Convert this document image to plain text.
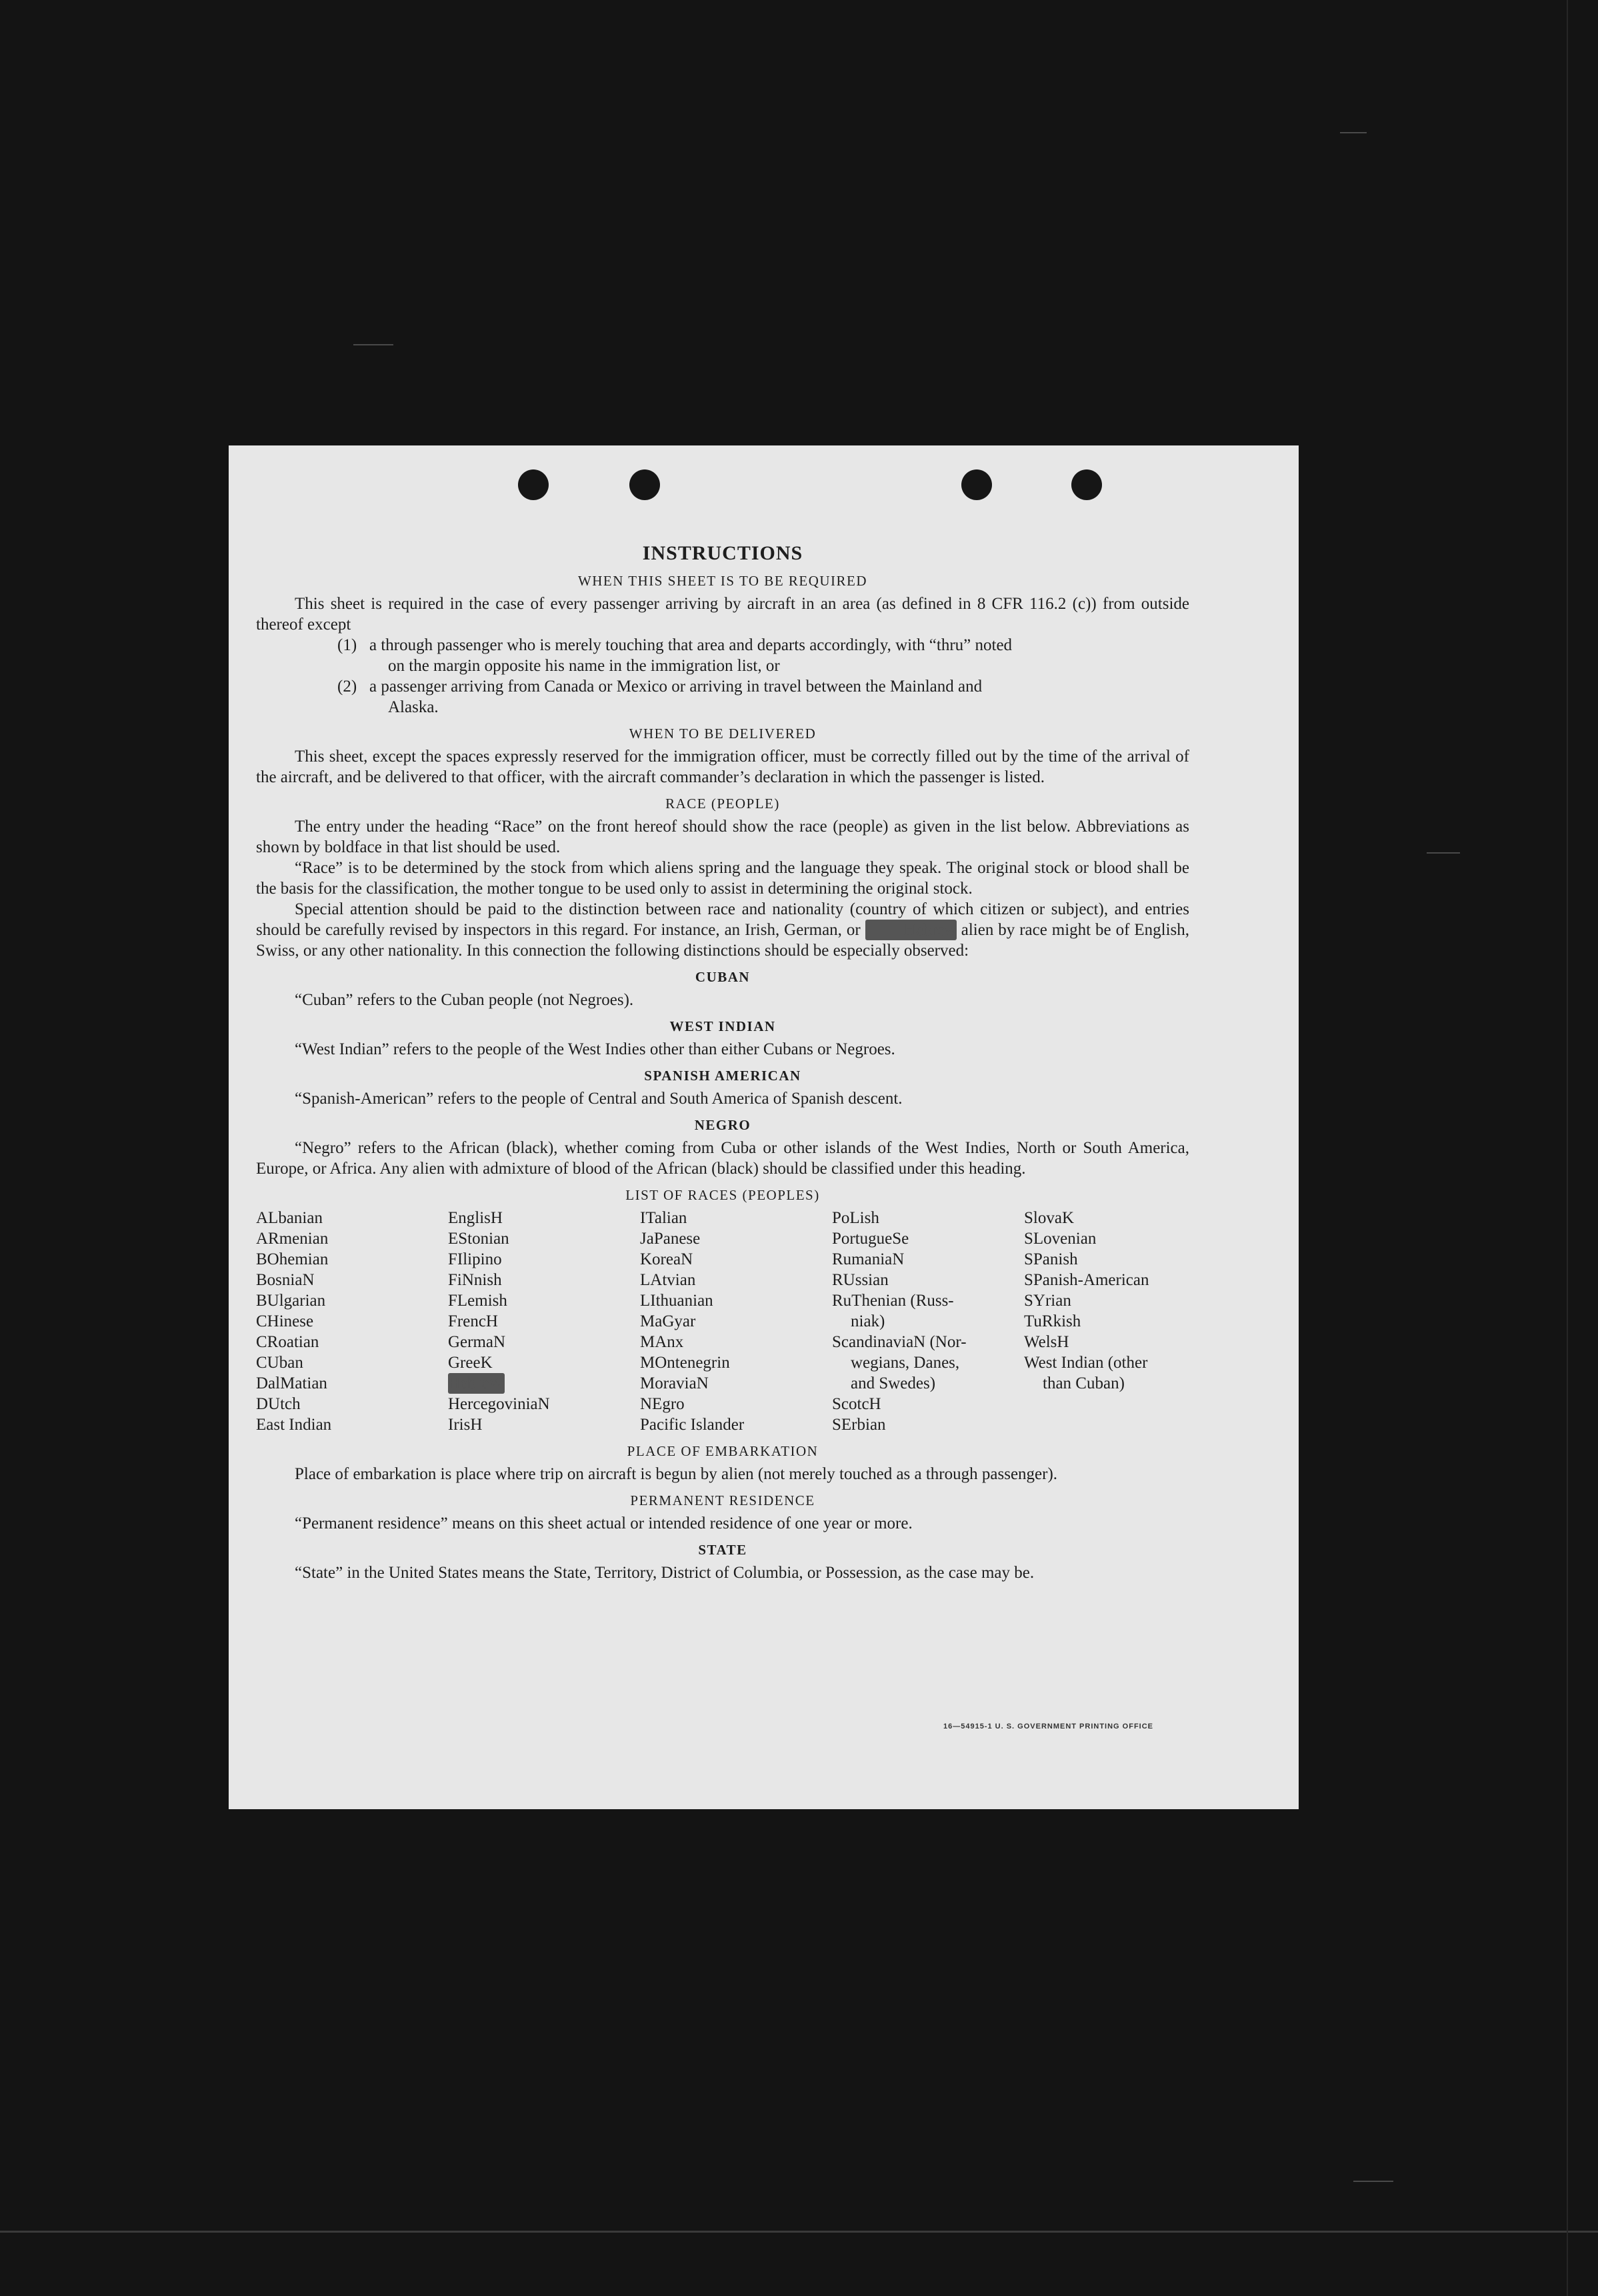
INSTRUCTIONS
WHEN THIS SHEET IS TO BE REQUIRED

This sheet is required in the case of every passenger arriving by aircraft in an area (as defined in 8 CFR 116.2 (c)) from outside thereof except

(1) a through passenger who is merely touching that area and departs accordingly, with “thru” noted
on the margin opposite his name in the immigration list, or
(2) a passenger arriving from Canada or Mexico or arriving in travel between the Mainland and
Alaska.
WHEN TO BE DELIVERED

This sheet, except the spaces expressly reserved for the immigration officer, must be correctly filled out by the time of the arrival of the aircraft, and be delivered to that officer, with the aircraft commander’s declaration in which the passenger is listed.

RACE (PEOPLE)

The entry under the heading “Race” on the front hereof should show the race (people) as given in the list below. Abbreviations as shown by boldface in that list should be used.

“Race” is to be determined by the stock from which aliens spring and the language they speak. The original stock or blood shall be the basis for the classification, the mother tongue to be used only to assist in determining the original stock.

Special attention should be paid to the distinction between race and nationality (country of which citizen or subject), and entries should be carefully revised by inspectors in this regard. For instance, an Irish, German, or	Hebrew alien by race might be of English, Swiss, or any other nationality. In this connection the following distinctions should be especially observed:

CUBAN

“Cuban” refers to the Cuban people (not Negroes).

WEST INDIAN

“West Indian” refers to the people of the West Indies other than either Cubans or Negroes.

SPANISH AMERICAN

“Spanish-American” refers to the people of Central and South America of Spanish descent.

NEGRO

“Negro” refers to the African (black), whether coming from Cuba or other islands of the West Indies, North or South America, Europe, or Africa. Any alien with admixture of blood of the African (black) should be classified under this heading.

LIST OF RACES (PEOPLES)
ALbanian
ARmenian
BOhemian
BosniaN
BUlgarian
CHinese
CRoatian
CUban
DalMatian
DUtch
East Indian
EnglisH
EStonian
FIlipino
FiNnish
FLemish
FrencH
GermaN
GreeK
HebreW
HercegoviniaN
IrisH
ITalian
JaPanese
KoreaN
LAtvian
LIthuanian
MaGyar
MAnx
MOntenegrin
MoraviaN
NEgro
Pacific Islander
PoLish
PortugueSe
RumaniaN
RUssian
RuThenian (Russ-
niak)
ScandinaviaN (Nor-
wegians, Danes,
and Swedes)
ScotcH
SErbian
SlovaK
SLovenian
SPanish
SPanish-American
SYrian
TuRkish
WelsH
West Indian (other
than Cuban)
PLACE OF EMBARKATION

Place of embarkation is place where trip on aircraft is begun by alien (not merely touched as a through passenger).

PERMANENT RESIDENCE

“Permanent residence” means on this sheet actual or intended residence of one year or more.

STATE

“State” in the United States means the State, Territory, District of Columbia, or Possession, as the case may be.

16—54915-1 U. S. GOVERNMENT PRINTING OFFICE
